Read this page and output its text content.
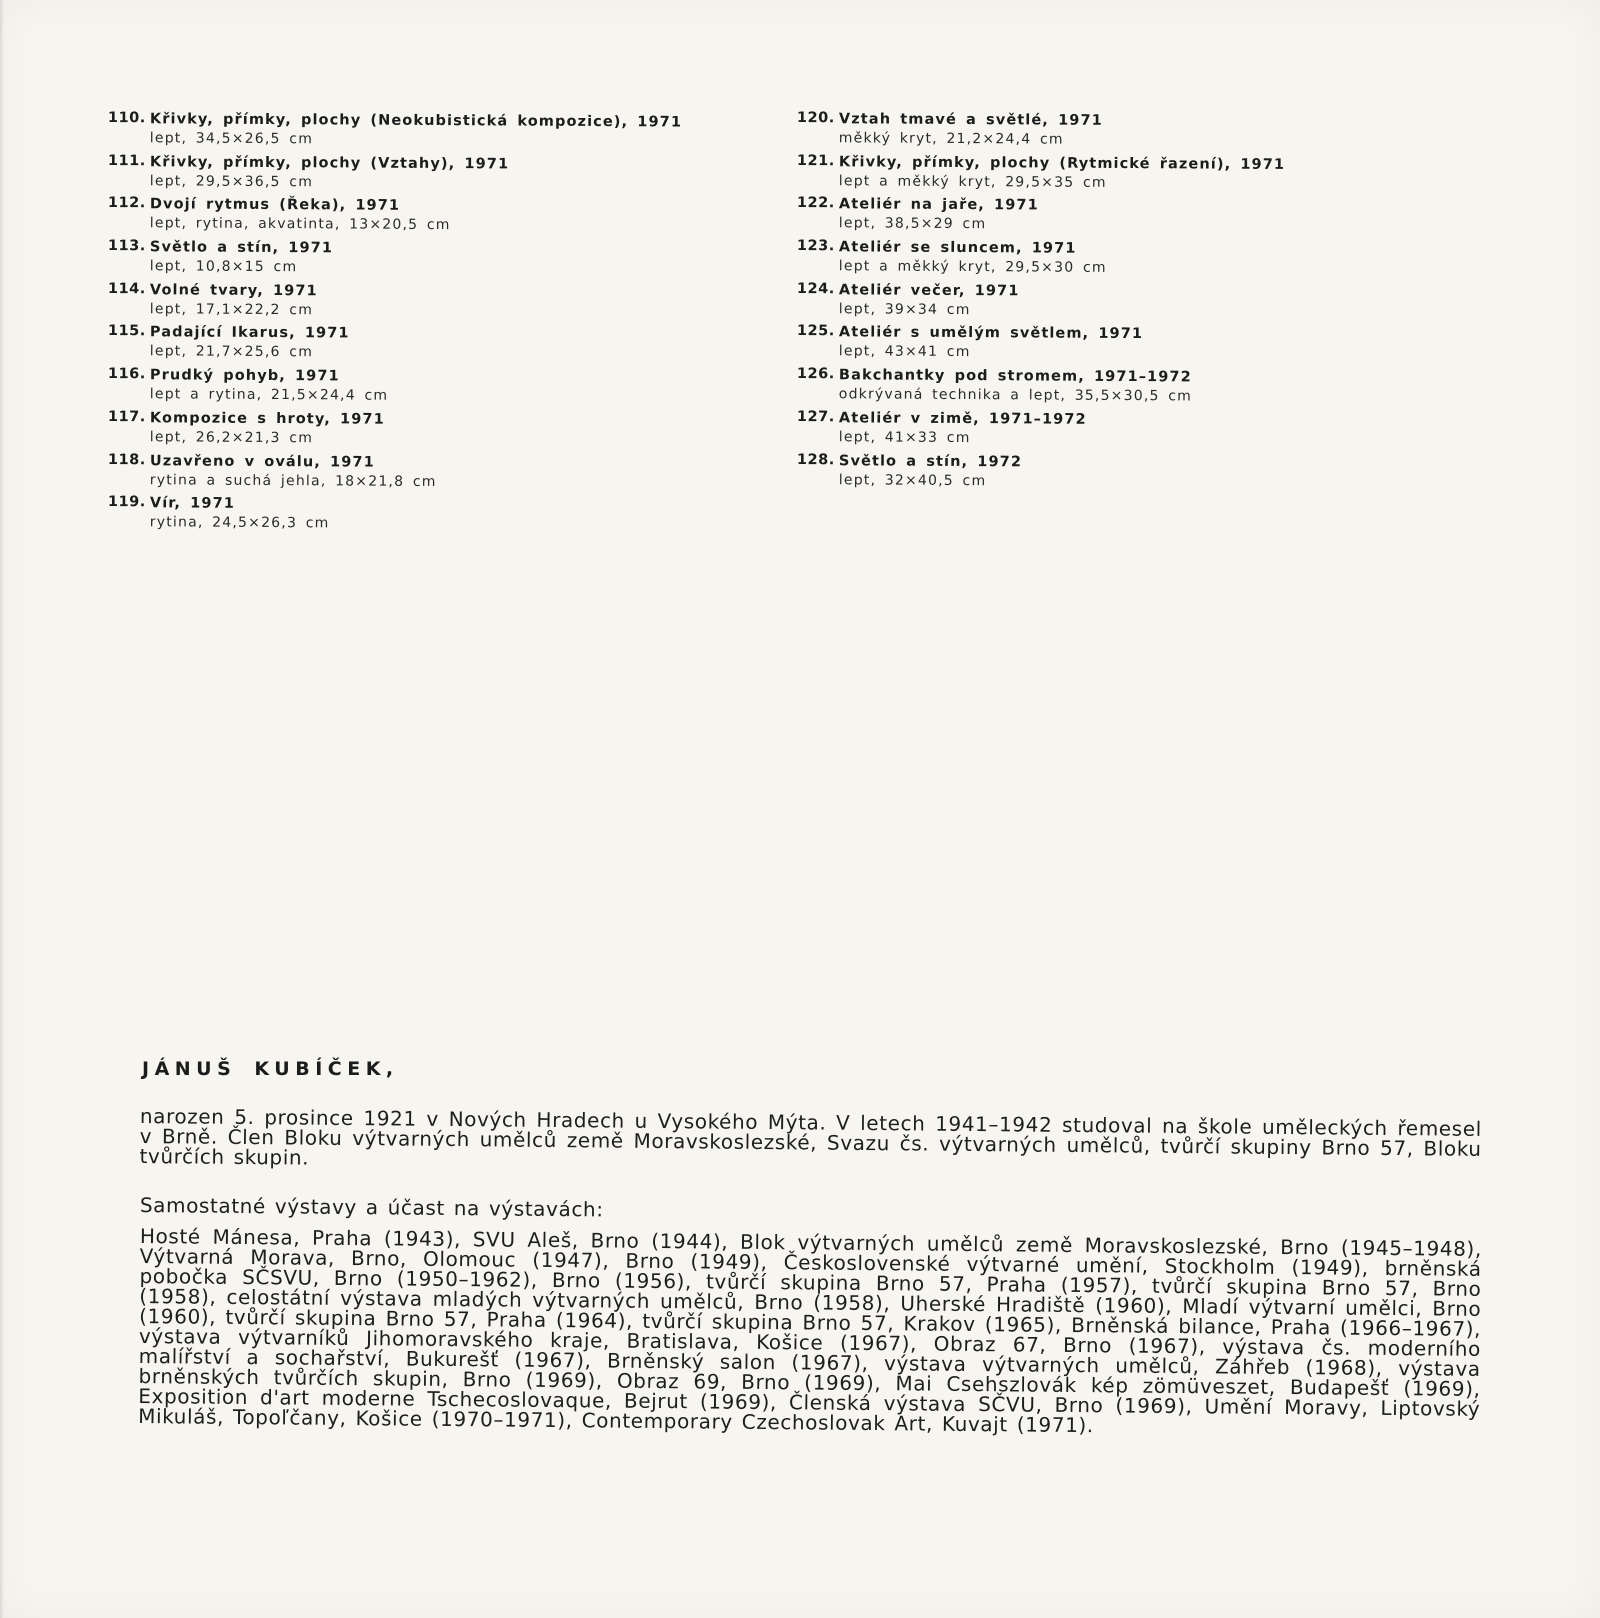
110. Křivky, přímky, plochy (Neokubistická kompozice), 1971
lept, 34,5×26,5 cm
111. Křivky, přímky, plochy (Vztahy), 1971
lept, 29,5×36,5 cm
112. Dvojí rytmus (Řeka), 1971
lept, rytina, akvatinta, 13×20,5 cm
113. Světlo a stín, 1971
lept, 10,8×15 cm
114. Volné tvary, 1971
lept, 17,1×22,2 cm
115. Padající Ikarus, 1971
lept, 21,7×25,6 cm
116. Prudký pohyb, 1971
lept a rytina, 21,5×24,4 cm
117. Kompozice s hroty, 1971
lept, 26,2×21,3 cm
118. Uzavřeno v oválu, 1971
rytina a suchá jehla, 18×21,8 cm
119. Vír, 1971
rytina, 24,5×26,3 cm
120. Vztah tmavé a světlé, 1971
měkký kryt, 21,2×24,4 cm
121. Křivky, přímky, plochy (Rytmické řazení), 1971
lept a měkký kryt, 29,5×35 cm
122. Ateliér na jaře, 1971
lept, 38,5×29 cm
123. Ateliér se sluncem, 1971
lept a měkký kryt, 29,5×30 cm
124. Ateliér večer, 1971
lept, 39×34 cm
125. Ateliér s umělým světlem, 1971
lept, 43×41 cm
126. Bakchantky pod stromem, 1971–1972
odkrývaná technika a lept, 35,5×30,5 cm
127. Ateliér v zimě, 1971–1972
lept, 41×33 cm
128. Světlo a stín, 1972
lept, 32×40,5 cm
JÁNUŠ KUBÍČEK,

narozen 5. prosince 1921 v Nových Hradech u Vysokého Mýta. V letech 1941–1942 studoval na škole uměleckých řemesel v Brně. Člen Bloku výtvarných umělců země Moravskoslezské, Svazu čs. výtvarných umělců, tvůrčí skupiny Brno 57, Bloku tvůrčích skupin.

Samostatné výstavy a účast na výstavách:

Hosté Mánesa, Praha (1943), SVU Aleš, Brno (1944), Blok výtvarných umělců země Moravskoslezské, Brno (1945–1948), Výtvarná Morava, Brno, Olomouc (1947), Brno (1949), Československé výtvarné umění, Stockholm (1949), brněnská pobočka SČSVU, Brno (1950–1962), Brno (1956), tvůrčí skupina Brno 57, Praha (1957), tvůrčí skupina Brno 57, Brno (1958), celostátní výstava mladých výtvarných umělců, Brno (1958), Uherské Hradiště (1960), Mladí výtvarní umělci, Brno (1960), tvůrčí skupina Brno 57, Praha (1964), tvůrčí skupina Brno 57, Krakov (1965), Brněnská bilance, Praha (1966–1967), výstava výtvarníků Jihomoravského kraje, Bratislava, Košice (1967), Obraz 67, Brno (1967), výstava čs. moderního malířství a sochařství, Bukurešť (1967), Brněnský salon (1967), výstava výtvarných umělců, Záhřeb (1968), výstava brněnských tvůrčích skupin, Brno (1969), Obraz 69, Brno (1969), Mai Csehszlovák kép zömüveszet, Budapešť (1969), Exposition d'art moderne Tschecoslovaque, Bejrut (1969), Členská výstava SČVU, Brno (1969), Umění Moravy, Liptovský Mikuláš, Topoľčany, Košice (1970–1971), Contemporary Czechoslovak Art, Kuvajt (1971).
